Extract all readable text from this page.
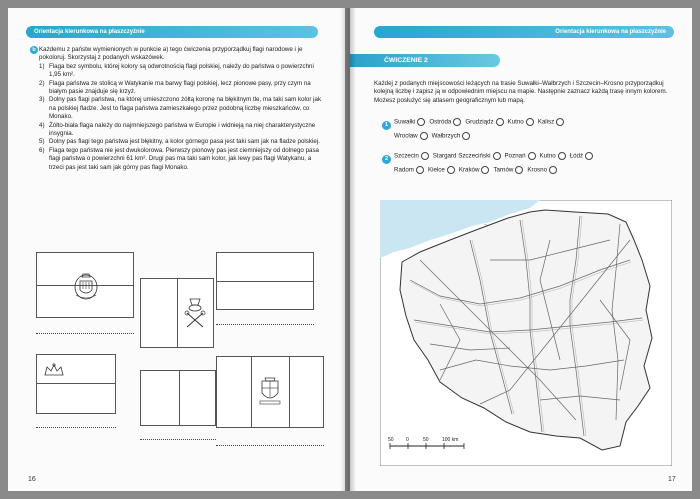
Orientacja kierunkowa na płaszczyźnie
b Każdemu z państw wymienionych w punkcie a) tego ćwiczenia przyporządkuj flagi narodowe i je pokoloruj. Skorzystaj z podanych wskazówek.
1) Flaga bez symbolu, której kolory są odwrotnością flagi polskiej, należy do państwa o powierzchni 1,95 km².
2) Flaga państwa ze stolicą w Watykanie ma barwy flagi polskiej, lecz pionowe pasy, przy czym na białym pasie znajduje się krzyż.
3) Dolny pas flagi państwa, na której umieszczono żółtą koronę na błękitnym tle, ma taki sam kolor jak na polskiej fladze. Jest to flaga państwa zamieszkałego przez podobną liczbę mieszkańców, co Monako.
4) Żółto-biała flaga należy do najmniejszego państwa w Europie i widnieją na niej charakterystyczne insygnia.
5) Dolny pas flagi tego państwa jest błękitny, a kolor górnego pasa jest taki sam jak na fladze polskiej.
6) Flaga tego państwa nie jest dwukolorowa. Pierwszy pionowy pas jest ciemniejszy od dolnego pasa flagi państwa o powierzchni 61 km². Drugi pas ma taki sam kolor, jak lewy pas flagi Watykanu, a trzeci pas jest taki sam jak górny pas flagi Monako.
16
Orientacja kierunkowa na płaszczyźnie
ĆWICZENIE 2
Każdej z podanych miejscowości leżących na trasie Suwałki–Wałbrzych i Szczecin–Krosno przyporządkuj kolejną liczbę i zapisz ją w odpowiednim miejscu na mapie. Następnie zaznacz każdą trasę innym kolorem. Możesz posłużyć się atlasem geograficznym lub mapą.
1 Suwałki	Ostróda	Grudziądz	Kutno	Kalisz
Wrocław	Wałbrzych
2 Szczecin	Stargard Szczeciński	Poznań	Kutno	Łódź
Radom	Kielce	Kraków	Tarnów	Krosno
50 0	50	100 km
17
